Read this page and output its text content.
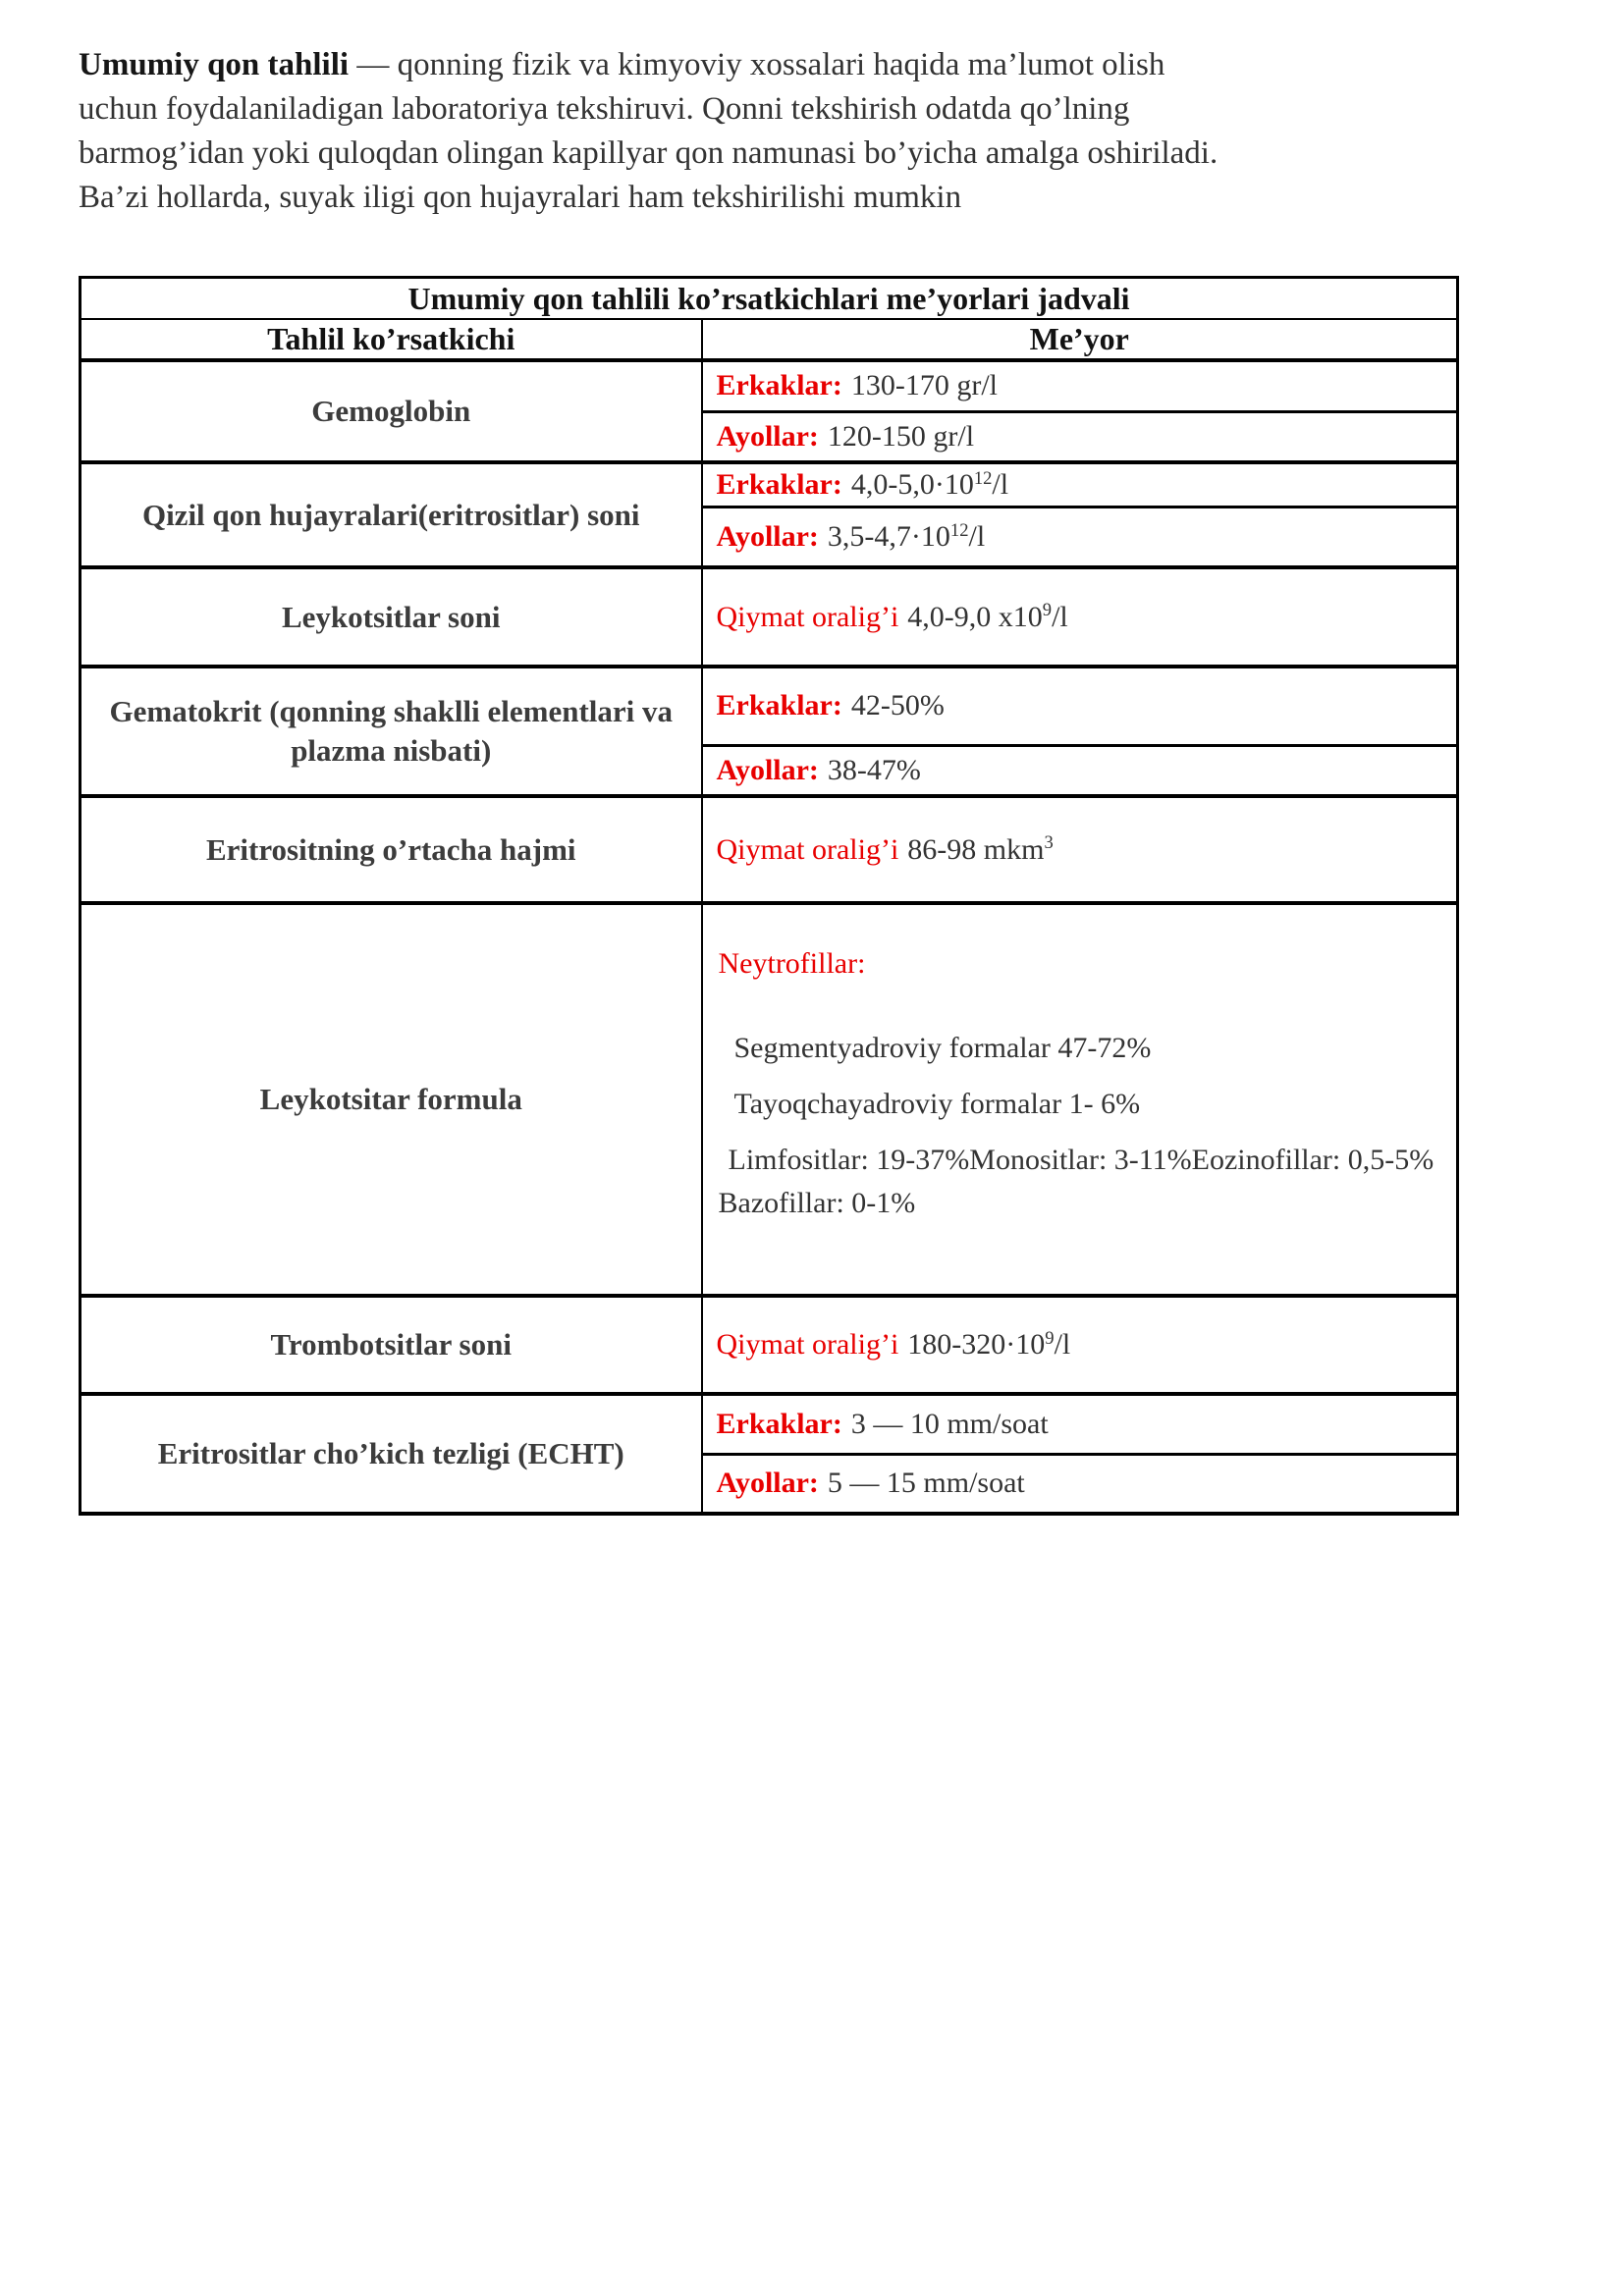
Umumiy qon tahlili — qonning fizik va kimyoviy xossalari haqida ma’lumot olish
uchun foydalaniladigan laboratoriya tekshiruvi. Qonni tekshirish odatda qo’lning
barmog’idan yoki quloqdan olingan kapillyar qon namunasi bo’yicha amalga oshiriladi.
Ba’zi hollarda, suyak iligi qon hujayralari ham tekshirilishi mumkin

Umumiy qon tahlili ko’rsatkichlari me’yorlari jadvali	
Tahlil ko’rsatkichi	Me’yor
Gemoglobin	Erkaklar: 130-170 gr/l
Ayollar: 120-150 gr/l

Qizil qon hujayralari(eritrositlar) soni	Erkaklar: $4,0-5,0\cdot 10^{12}/l$
Ayollar: $3,5-4,7\cdot 10^{12}/l$

Leykotsitlar soni	Qiymat oralig’i 4,0-9,0 $x10^9/l$
Gematokrit (qonning shaklli elementlari va plazma nisbati)	Erkaklar: 42-50%
Ayollar: 38-47%

Eritrositning o’rtacha hajmi	Qiymat oralig’i 86-98 mkm$^3$
Leykotsitar formula	Neytrofillar:
Segmentyadroviy formalar 47-72%
Tayoqchayadroviy formalar 1- 6%
Limfositlar: 19-37%Monositlar: 3-11%Eozinofillar: 0,5-5%
Bazofillar: 0-1%

Trombotsitlar soni	Qiymat oralig’i $180-320\cdot 10^9/l$
Eritrositlar cho’kich tezligi (ECHT)	Erkaklar: 3 — 10 mm/soat
Ayollar: 5 — 15 mm/soat
